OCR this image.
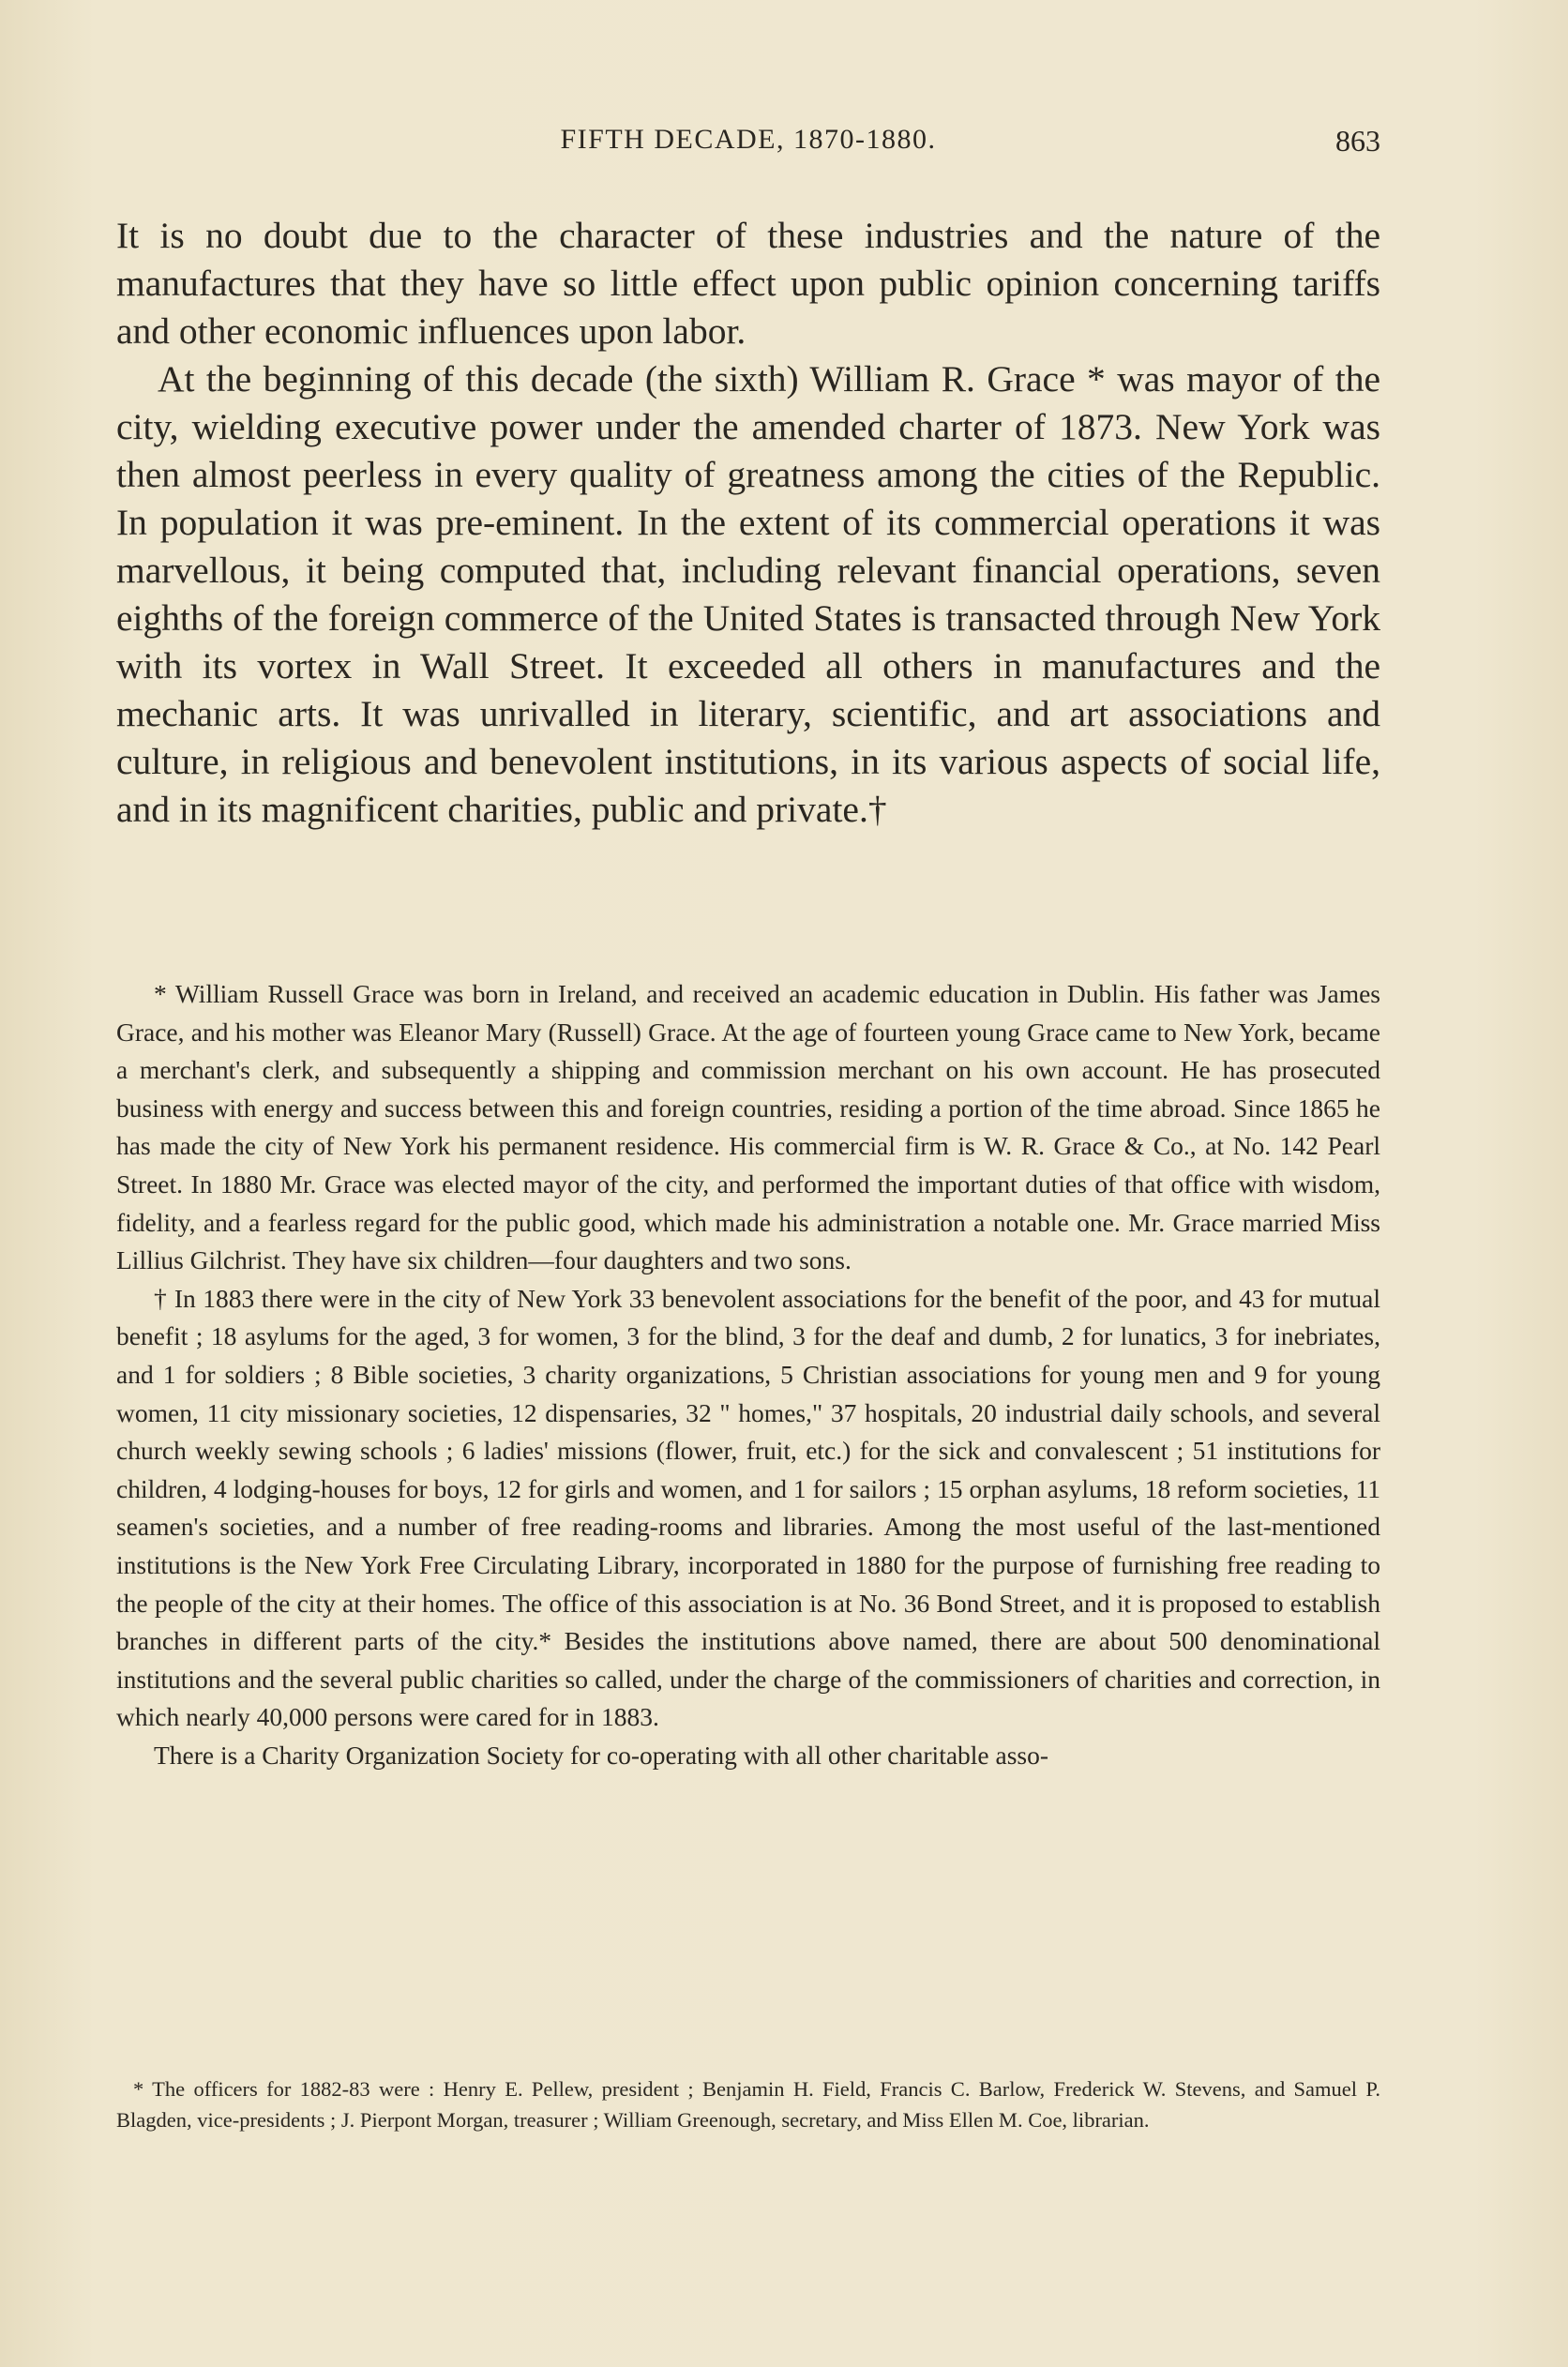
FIFTH DECADE, 1870-1880.	863

It is no doubt due to the character of these industries and the nature of the manufactures that they have so little effect upon public opinion concerning tariffs and other economic influences upon labor.

At the beginning of this decade (the sixth) William R. Grace * was mayor of the city, wielding executive power under the amended charter of 1873. New York was then almost peerless in every quality of greatness among the cities of the Republic. In population it was pre-eminent. In the extent of its commercial operations it was marvellous, it being computed that, including relevant financial operations, seven eighths of the foreign commerce of the United States is transacted through New York with its vortex in Wall Street. It exceeded all others in manufactures and the mechanic arts. It was unrivalled in literary, scientific, and art associations and culture, in religious and benevolent institutions, in its various aspects of social life, and in its magnificent charities, public and private.†

* William Russell Grace was born in Ireland, and received an academic education in Dublin. His father was James Grace, and his mother was Eleanor Mary (Russell) Grace. At the age of fourteen young Grace came to New York, became a merchant's clerk, and subsequently a shipping and commission merchant on his own account. He has prosecuted business with energy and success between this and foreign countries, residing a portion of the time abroad. Since 1865 he has made the city of New York his permanent residence. His commercial firm is W. R. Grace & Co., at No. 142 Pearl Street. In 1880 Mr. Grace was elected mayor of the city, and performed the important duties of that office with wisdom, fidelity, and a fearless regard for the public good, which made his administration a notable one. Mr. Grace married Miss Lillius Gilchrist. They have six children—four daughters and two sons.

† In 1883 there were in the city of New York 33 benevolent associations for the benefit of the poor, and 43 for mutual benefit ; 18 asylums for the aged, 3 for women, 3 for the blind, 3 for the deaf and dumb, 2 for lunatics, 3 for inebriates, and 1 for soldiers ; 8 Bible societies, 3 charity organizations, 5 Christian associations for young men and 9 for young women, 11 city missionary societies, 12 dispensaries, 32 " homes," 37 hospitals, 20 industrial daily schools, and several church weekly sewing schools ; 6 ladies' missions (flower, fruit, etc.) for the sick and convalescent ; 51 institutions for children, 4 lodging-houses for boys, 12 for girls and women, and 1 for sailors ; 15 orphan asylums, 18 reform societies, 11 seamen's societies, and a number of free reading-rooms and libraries. Among the most useful of the last-mentioned institutions is the New York Free Circulating Library, incorporated in 1880 for the purpose of furnishing free reading to the people of the city at their homes. The office of this association is at No. 36 Bond Street, and it is proposed to establish branches in different parts of the city.* Besides the institutions above named, there are about 500 denominational institutions and the several public charities so called, under the charge of the commissioners of charities and correction, in which nearly 40,000 persons were cared for in 1883.

There is a Charity Organization Society for co-operating with all other charitable asso-

* The officers for 1882-83 were : Henry E. Pellew, president ; Benjamin H. Field, Francis C. Barlow, Frederick W. Stevens, and Samuel P. Blagden, vice-presidents ; J. Pierpont Morgan, treasurer ; William Greenough, secretary, and Miss Ellen M. Coe, librarian.
